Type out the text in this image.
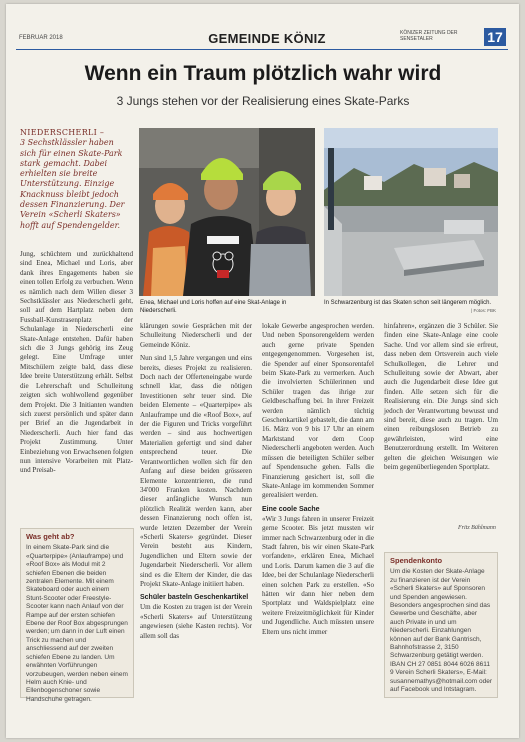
FEBRUAR 2018	GEMEINDE KÖNIZ	KÖNIZER ZEITUNG DER SENSETALER	17
Wenn ein Traum plötzlich wahr wird
3 Jungs stehen vor der Realisierung eines Skate-Parks
NIEDERSCHERLI –
3 Sechstklässler haben sich für einen Skate-Park stark gemacht. Dabei erhielten sie breite Unterstützung. Einzige Knacknuss bleibt jedoch dessen Finanzierung. Der Verein «Scherli Skaters» hofft auf Spendengelder.

Jung, schüchtern und zurückhaltend sind Enea, Michael und Loris, aber dank ihres Engagements haben sie einen tollen Erfolg zu verbuchen. Wenn es nämlich nach dem Willen dieser 3 Sechstklässler aus Niederscherli geht, soll auf dem Hartplatz neben dem Fussball-Kunstrasenplatz der Schulanlage in Niederscherli eine Skate-Anlage entstehen. Dafür haben sich die 3 Jungs gehörig ins Zeug gelegt. Eine Umfrage unter Mitschülern zeigte bald, dass diese Idee breite Unterstützung erhält. Selbst die Lehrerschaft und Schulleitung zeigten sich wohlwollend gegenüber dem Projekt. Die 3 Initianten wandten sich zuerst persönlich und später dann per Brief an die Jugendarbeit in Niederscherli. Auch hier fand das Projekt Zustimmung. Unter Einbeziehung von Erwachsenen folgten nun intensive Vorarbeiten mit Platz- und Preisab-

Enea, Michael und Loris hoffen auf eine Skat-Anlage in Niederscherli.
In Schwarzenburg ist das Skaten schon seit längerem möglich.
| Fotos: FBK

klärungen sowie Gesprächen mit der Schulleitung Niederscherli und der Gemeinde Köniz.

Nun sind 1,5 Jahre vergangen und eins bereits, dieses Projekt zu realisieren. Doch nach der Offerteneingabe wurde schnell klar, dass die nötigen Investitionen sehr teuer sind. Die beiden Elemente – «Quarterpipe» als Anlauframpe und die «Roof Box», auf der die Figuren und Tricks vorgeführt werden – sind aus hochwertigen Materialien gefertigt und sind daher entsprechend teuer. Die Verantwortlichen wollen sich für den Anfang auf diese beiden grösseren Elemente konzentrieren, die rund 34'000 Franken kosten. Nachdem dieser anfängliche Wunsch nun plötzlich Realität werden kann, aber dessen Finanzierung noch offen ist, wurde letzten Dezember der Verein «Scherli Skaters» gegründet. Dieser Verein besteht aus Kindern, Jugendlichen und Eltern sowie der Jugendarbeit Niederscherli. Vor allem sind es die Eltern der Kinder, die das Projekt Skate-Anlage initiiert haben.

Schüler basteln Geschenkartikel

Um die Kosten zu tragen ist der Verein «Scherli Skaters» auf Unterstützung angewiesen (siehe Kasten rechts). Vor allem soll das

lokale Gewerbe angesprochen werden. Und neben Sponsorengeldern werden auch gerne private Spenden entgegengenommen. Vorgesehen ist, die Spender auf einer Sponsorentafel beim Skate-Park zu vermerken. Auch die involvierten Schülerinnen und Schüler tragen das ihrige zur Geldbeschaffung bei. In ihrer Freizeit werden nämlich tüchtig Geschenkartikel gebastelt, die dann am 16. März von 9 bis 17 Uhr an einem Marktstand vor dem Coop Niederscherli angeboten werden. Auch müssen die beteiligten Schüler selber auf Spendensuche gehen. Falls die Finanzierung gesichert ist, soll die Skate-Anlage im kommenden Sommer gerealisiert werden.

Eine coole Sache

«Wir 3 Jungs fahren in unserer Freizeit gerne Scooter. Bis jetzt mussten wir immer nach Schwarzenburg oder in die Stadt fahren, bis wir einen Skate-Park vorfanden», erklären Enea, Michael und Loris. Darum kamen die 3 auf die Idee, bei der Schulanlage Niederscherli einen solchen Park zu erstellen. «So hätten wir dann hier neben dem Sportplatz und Waldspielplatz eine weitere Freizeitmöglichkeit für Kinder und Jugendliche. Auch müssten unsere Eltern uns nicht immer

hinfahren», ergänzen die 3 Schüler. Sie finden eine Skate-Anlage eine coole Sache. Und vor allem sind sie erfreut, dass neben dem Ortsverein auch viele Schulkollegen, die Lehrer und Schulleitung sowie der Abwart, aber auch die Jugendarbeit diese Idee gut finden. Alle setzen sich für die Realisierung ein. Die Jungs sind sich jedoch der Verantwortung bewusst und sind bereit, diese auch zu tragen. Um einen reibungslosen Betrieb zu gewährleisten, wird eine Benutzerordnung erstellt. Im Weiteren gelten die gleichen Weisungen wie beim gegenüberliegenden Sportplatz.

Fritz Bühlmann
Was geht ab?
In einem Skate-Park sind die «Quarterpipe» (Anlauframpe) und «Roof Box» als Modul mit 2 schiefen Ebenen die beiden zentralen Elemente. Mit einem Skateboard oder auch einem Stunt-Scooter oder Freestyle-Scooter kann nach Anlauf von der Rampe auf der ersten schiefen Ebene der Roof Box abgesprungen werden; um dann in der Luft einen Trick zu machen und anschliessend auf der zweiten schiefen Ebene zu landen. Um erwähnten Vorführungen vorzubeugen, werden neben einem Helm auch Knie- und Ellenbogenschoner sowie Handschuhe getragen.
Spendenkonto
Um die Kosten der Skate-Anlage zu finanzieren ist der Verein «Scherli Skaters» auf Sponsoren und Spenden angewiesen. Besonders angesprochen sind das Gewerbe und Geschäfte, aber auch Private in und um Niederscherli. Einzahlungen können auf der Bank Gantrisch, Bahnhofstrasse 2, 3150 Schwarzenburg getätigt werden. IBAN CH 27 0851 8044 6026 8611 9 Verein Scherli Skaters», E-Mail: susannemathys@hotmail.com oder auf Facebook und Intstagram.
